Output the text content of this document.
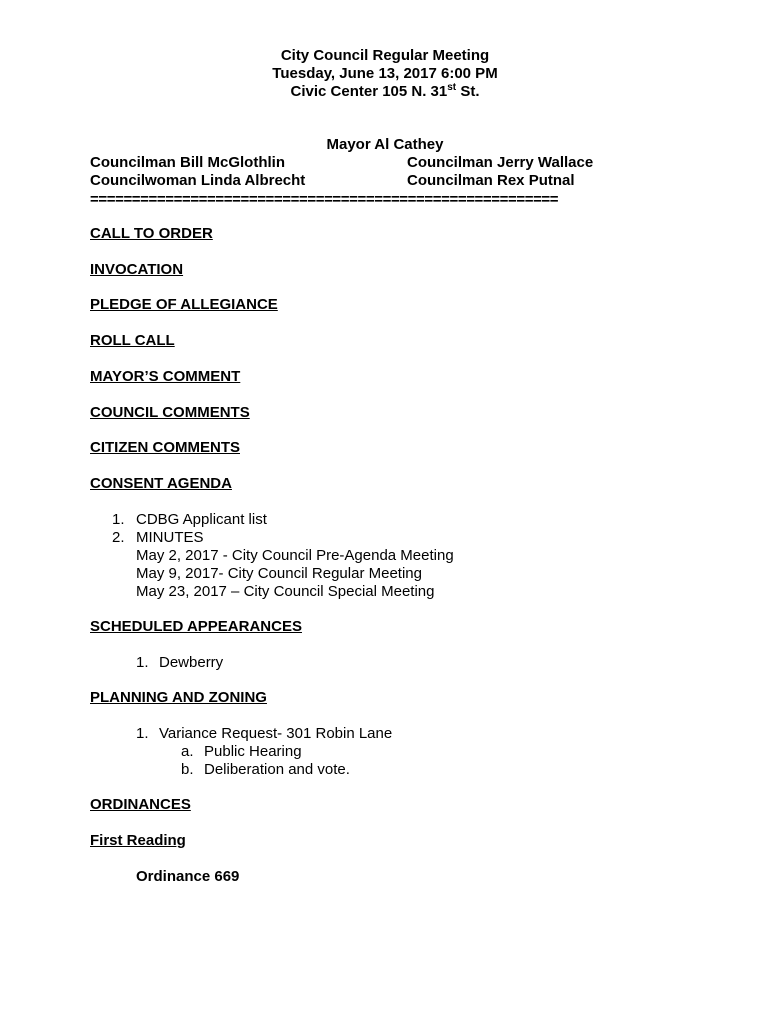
City Council Regular Meeting
Tuesday, June 13, 2017 6:00 PM
Civic Center 105 N. 31st St.
Mayor Al Cathey
Councilman Bill McGlothlin	Councilman Jerry Wallace
Councilwoman Linda Albrecht	Councilman Rex Putnal
========================================================
CALL TO ORDER
INVOCATION
PLEDGE OF ALLEGIANCE
ROLL CALL
MAYOR’S COMMENT
COUNCIL COMMENTS
CITIZEN COMMENTS
CONSENT AGENDA
1. CDBG Applicant list
2. MINUTES
May 2, 2017 - City Council Pre-Agenda Meeting
May 9, 2017- City Council Regular Meeting
May 23, 2017 – City Council Special Meeting
SCHEDULED APPEARANCES
1. Dewberry
PLANNING AND ZONING
1. Variance Request- 301 Robin Lane
a. Public Hearing
b. Deliberation and vote.
ORDINANCES
First Reading
Ordinance 669
